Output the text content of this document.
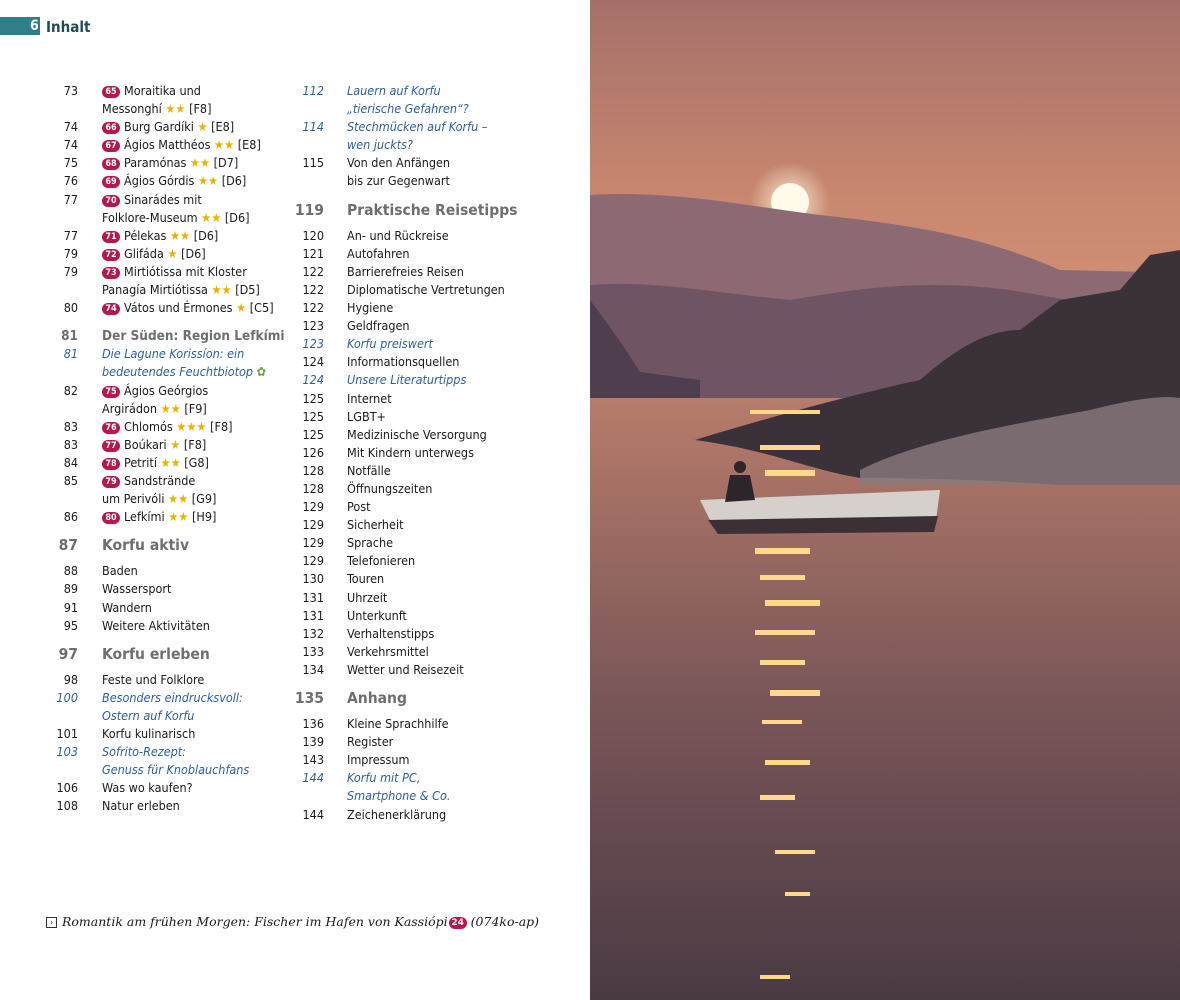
6 Inhalt
73	65 Moraitika und
Messonghí ★★ [F8]
74	66 Burg Gardíki ★ [E8]
74	67 Ágios Matthéos ★★ [E8]
75	68 Paramónas ★★ [D7]
76	69 Ágios Górdis ★★ [D6]
77	70 Sinarádes mit
Folklore-Museum ★★ [D6]
77	71 Pélekas ★★ [D6]
79	72 Glifáda ★ [D6]
79	73 Mirtiótissa mit Kloster
Panagía Mirtiótissa ★★ [D5]
80	74 Vátos und Érmones ★ [C5]
81 Der Süden: Region Lefkími
81 Die Lagune Korissíon: ein
bedeutendes Feuchtbiotop ✿
82	75 Ágios Geórgios
Argirádon ★★ [F9]
83	76 Chlomós ★★★ [F8]
83	77 Boúkari ★ [F8]
84	78 Petrití ★★ [G8]
85	79 Sandstrände
um Perivóli ★★ [G9]
86	80 Lefkími ★★ [H9]
87 Korfu aktiv
88 Baden
89 Wassersport
91 Wandern
95 Weitere Aktivitäten
97 Korfu erleben
98 Feste und Folklore
100 Besonders eindrucksvoll:
Ostern auf Korfu
101 Korfu kulinarisch
103 Sofrito-Rezept:
Genuss für Knoblauchfans
106 Was wo kaufen?
108 Natur erleben
112 Lauern auf Korfu
„tierische Gefahren“?
114 Stechmücken auf Korfu –
wen juckts?
115 Von den Anfängen
bis zur Gegenwart
119 Praktische Reisetipps
120 An- und Rückreise
121 Autofahren
122 Barrierefreies Reisen
122 Diplomatische Vertretungen
122 Hygiene
123 Geldfragen
123 Korfu preiswert
124 Informationsquellen
124 Unsere Literaturtipps
125 Internet
125 LGBT+
125 Medizinische Versorgung
126 Mit Kindern unterwegs
128 Notfälle
128 Öffnungszeiten
129 Post
129 Sicherheit
129 Sprache
129 Telefonieren
130 Touren
131 Uhrzeit
131 Unterkunft
132 Verhaltenstipps
133 Verkehrsmittel
134 Wetter und Reisezeit
135 Anhang
136 Kleine Sprachhilfe
139 Register
143 Impressum
144 Korfu mit PC,
Smartphone & Co.
144 Zeichenerklärung
› Romantik am frühen Morgen: Fischer im Hafen von Kassiópi 24 (074ko-ap)
